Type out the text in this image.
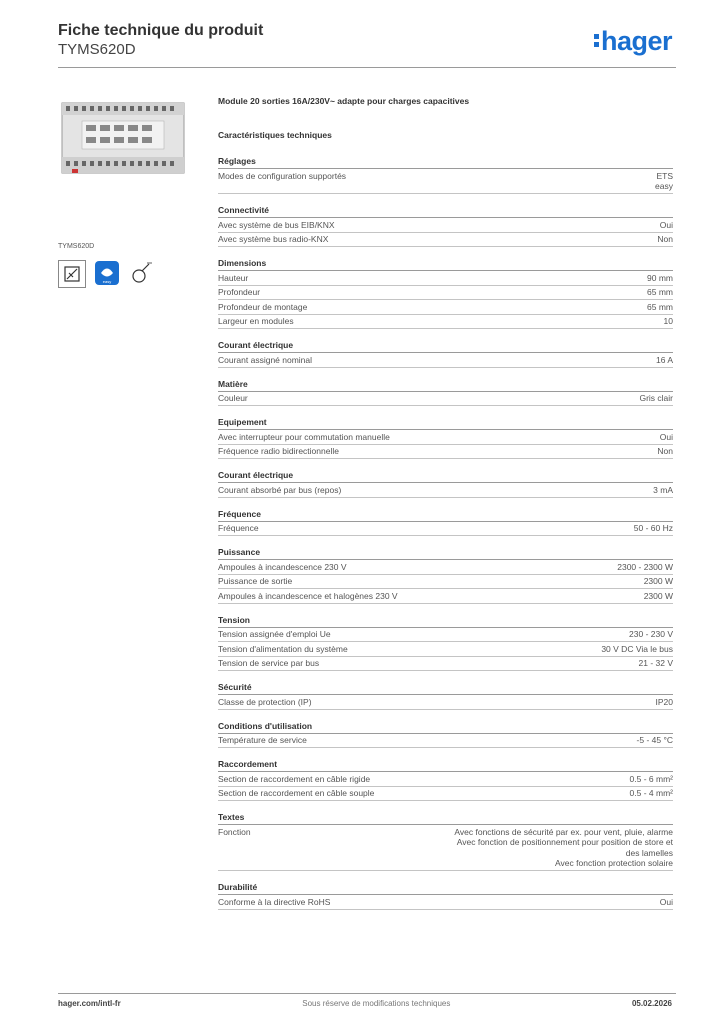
Fiche technique du produit
TYMS620D	hager
TYMS620D
easy
Module 20 sorties 16A/230V~ adapte pour charges capacitives
Caractéristiques techniques
Réglages
Modes de configuration supportés	ETS
easy
Connectivité
Avec système de bus EIB/KNX	Oui
Avec système bus radio-KNX	Non
Dimensions
Hauteur	90 mm
Profondeur	65 mm
Profondeur de montage	65 mm
Largeur en modules	10
Courant électrique
Courant assigné nominal	16 A
Matière
Couleur	Gris clair
Equipement
Avec interrupteur pour commutation manuelle	Oui
Fréquence radio bidirectionnelle	Non
Courant électrique
Courant absorbé par bus (repos)	3 mA
Fréquence
Fréquence	50 - 60 Hz
Puissance
Ampoules à incandescence 230 V	2300 - 2300 W
Puissance de sortie	2300 W
Ampoules à incandescence et halogènes 230 V	2300 W
Tension
Tension assignée d'emploi Ue	230 - 230 V
Tension d'alimentation du système	30 V DC Via le bus
Tension de service par bus	21 - 32 V
Sécurité
Classe de protection (IP)	IP20
Conditions d'utilisation
Température de service	-5 - 45 °C
Raccordement
Section de raccordement en câble rigide	0.5 - 6 mm²
Section de raccordement en câble souple	0.5 - 4 mm²
Textes
Fonction	Avec fonctions de sécurité par ex. pour vent, pluie, alarme
Avec fonction de positionnement pour position de store et
des lamelles
Avec fonction protection solaire
Durabilité
Conforme à la directive RoHS	Oui
hager.com/intl-fr	Sous réserve de modifications techniques	05.02.2026
